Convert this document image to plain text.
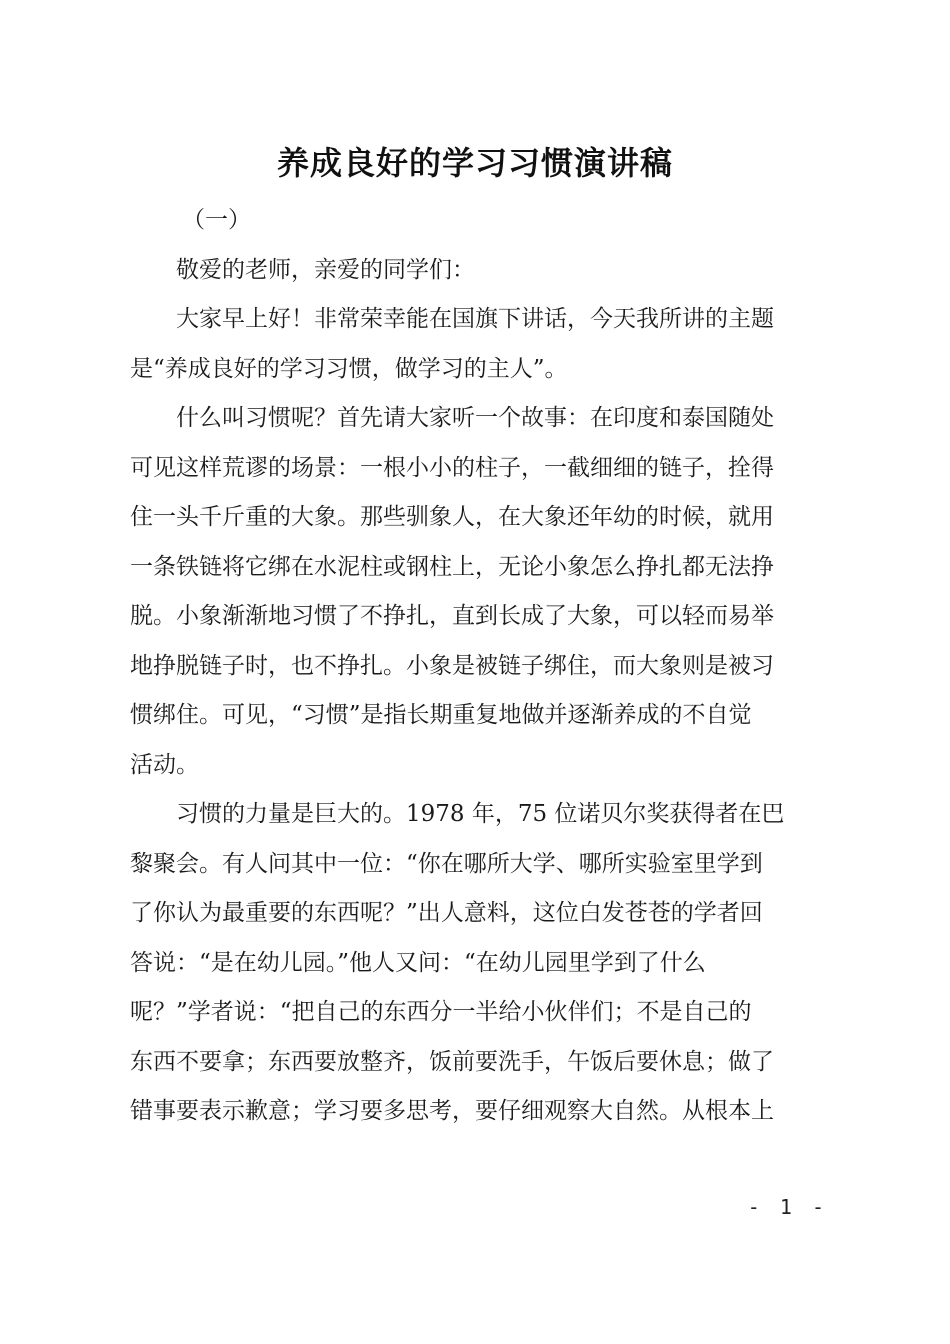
养成良好的学习习惯演讲稿

（一）

敬爱的老师，亲爱的同学们：

大家早上好！非常荣幸能在国旗下讲话，今天我所讲的主题
是“养成良好的学习习惯，做学习的主人”。

什么叫习惯呢？首先请大家听一个故事：在印度和泰国随处
可见这样荒谬的场景：一根小小的柱子，一截细细的链子，拴得
住一头千斤重的大象。那些驯象人，在大象还年幼的时候，就用
一条铁链将它绑在水泥柱或钢柱上，无论小象怎么挣扎都无法挣
脱。小象渐渐地习惯了不挣扎，直到长成了大象，可以轻而易举
地挣脱链子时，也不挣扎。小象是被链子绑住，而大象则是被习
惯绑住。可见，“习惯”是指长期重复地做并逐渐养成的不自觉
活动。

习惯的力量是巨大的。1978 年，75 位诺贝尔奖获得者在巴
黎聚会。有人问其中一位：“你在哪所大学、哪所实验室里学到
了你认为最重要的东西呢？”出人意料，这位白发苍苍的学者回
答说：“是在幼儿园。”他人又问：“在幼儿园里学到了什么
呢？”学者说：“把自己的东西分一半给小伙伴们；不是自己的
东西不要拿；东西要放整齐，饭前要洗手，午饭后要休息；做了
错事要表示歉意；学习要多思考，要仔细观察大自然。从根本上

- 1 -
